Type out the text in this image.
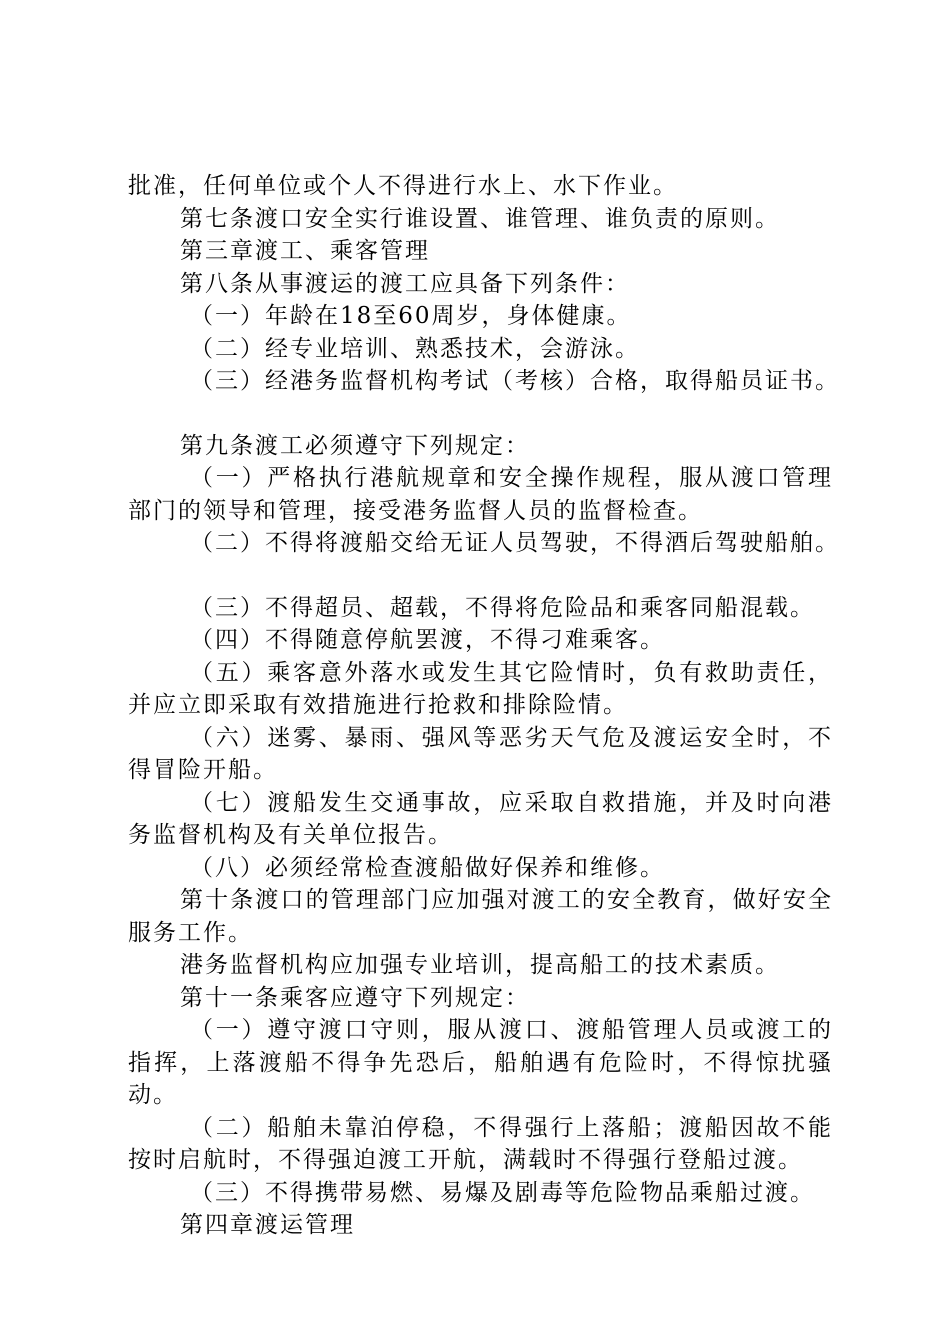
批准，任何单位或个人不得进行水上、水下作业。

第七条渡口安全实行谁设置、谁管理、谁负责的原则。

第三章渡工、乘客管理

第八条从事渡运的渡工应具备下列条件：

（一）年龄在18至60周岁，身体健康。

（二）经专业培训、熟悉技术，会游泳。

（三）经港务监督机构考试（考核）合格，取得船员证书。

第九条渡工必须遵守下列规定：

（一）严格执行港航规章和安全操作规程，服从渡口管理部门的领导和管理，接受港务监督人员的监督检查。

（二）不得将渡船交给无证人员驾驶，不得酒后驾驶船舶。

（三）不得超员、超载，不得将危险品和乘客同船混载。

（四）不得随意停航罢渡，不得刁难乘客。

（五）乘客意外落水或发生其它险情时，负有救助责任，并应立即采取有效措施进行抢救和排除险情。

（六）迷雾、暴雨、强风等恶劣天气危及渡运安全时，不得冒险开船。

（七）渡船发生交通事故，应采取自救措施，并及时向港务监督机构及有关单位报告。

（八）必须经常检查渡船做好保养和维修。

第十条渡口的管理部门应加强对渡工的安全教育，做好安全服务工作。

港务监督机构应加强专业培训，提高船工的技术素质。

第十一条乘客应遵守下列规定：

（一）遵守渡口守则，服从渡口、渡船管理人员或渡工的指挥，上落渡船不得争先恐后，船舶遇有危险时，不得惊扰骚动。

（二）船舶未靠泊停稳，不得强行上落船；渡船因故不能按时启航时，不得强迫渡工开航，满载时不得强行登船过渡。

（三）不得携带易燃、易爆及剧毒等危险物品乘船过渡。

第四章渡运管理
